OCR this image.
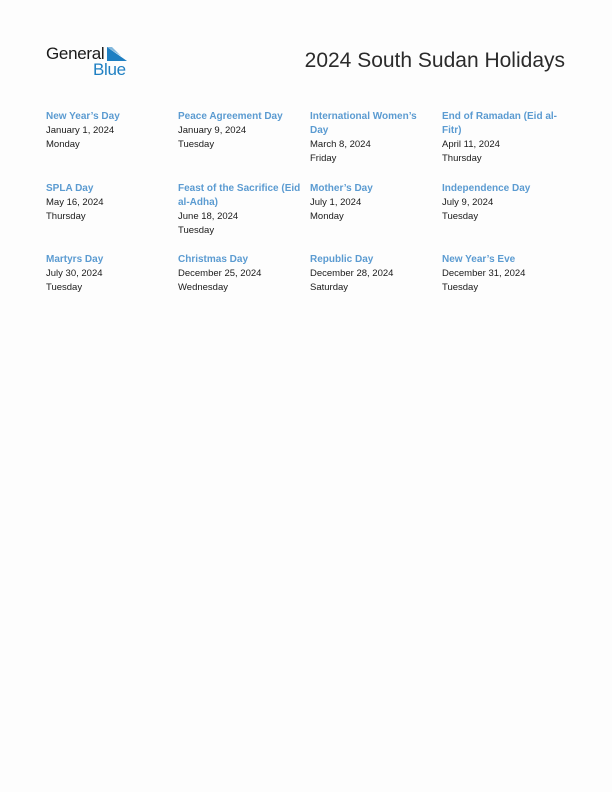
General
Blue	2024 South Sudan Holidays
New Year’s Day
January 1, 2024
Monday
Peace Agreement Day
January 9, 2024
Tuesday
International Women’s Day
March 8, 2024
Friday
End of Ramadan (Eid al-Fitr)
April 11, 2024
Thursday
SPLA Day
May 16, 2024
Thursday
Feast of the Sacrifice (Eid al-Adha)
June 18, 2024
Tuesday
Mother’s Day
July 1, 2024
Monday
Independence Day
July 9, 2024
Tuesday
Martyrs Day
July 30, 2024
Tuesday
Christmas Day
December 25, 2024
Wednesday
Republic Day
December 28, 2024
Saturday
New Year’s Eve
December 31, 2024
Tuesday
